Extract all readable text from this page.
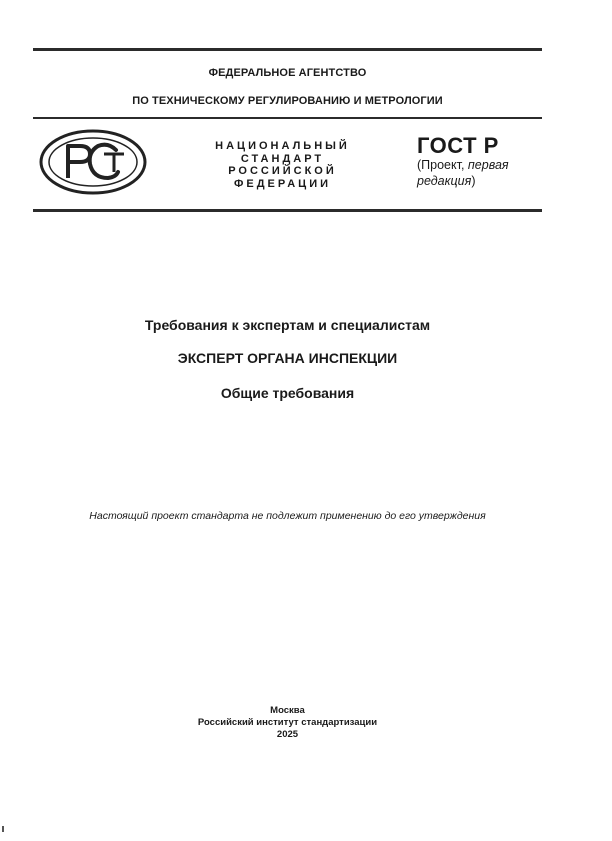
ФЕДЕРАЛЬНОЕ АГЕНТСТВО
ПО ТЕХНИЧЕСКОМУ РЕГУЛИРОВАНИЮ И МЕТРОЛОГИИ
РСТ
НАЦИОНАЛЬНЫЙ
СТАНДАРТ
РОССИЙСКОЙ
ФЕДЕРАЦИИ
ГОСТ Р
(Проект, первая
редакция)
Требования к экспертам и специалистам
ЭКСПЕРТ ОРГАНА ИНСПЕКЦИИ
Общие требования
Настоящий проект стандарта не подлежит применению до его утверждения
Москва
Российский институт стандартизации
2025
